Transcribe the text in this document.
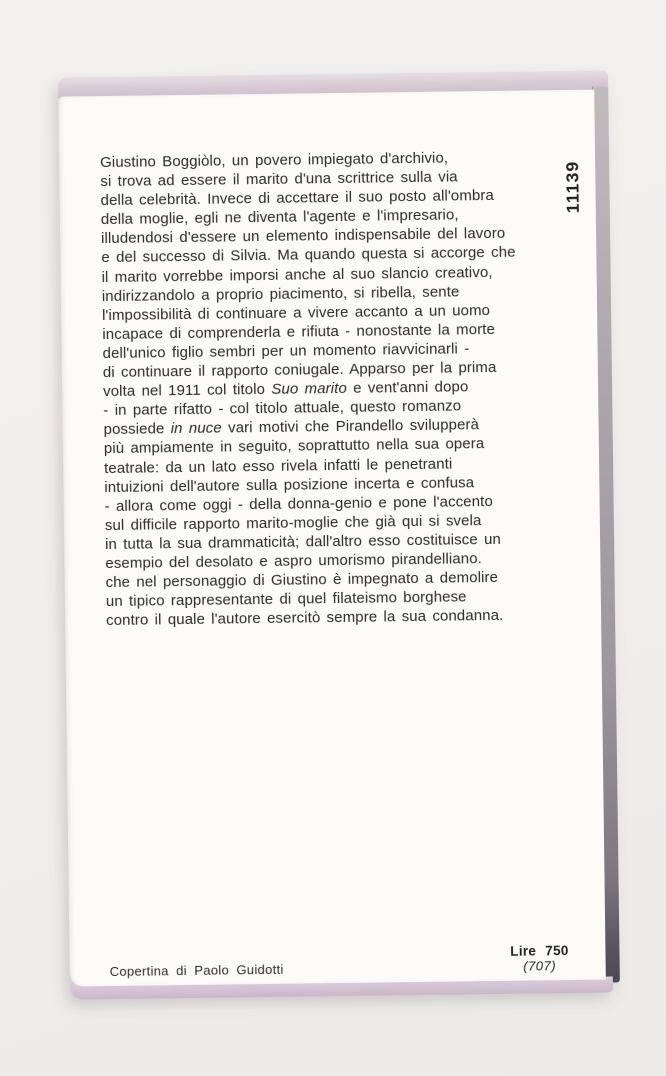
Giustino Boggiòlo, un povero impiegato d'archivio,
si trova ad essere il marito d'una scrittrice sulla via
della celebrità. Invece di accettare il suo posto all'ombra
della moglie, egli ne diventa l'agente e l'impresario,
illudendosi d'essere un elemento indispensabile del lavoro
e del successo di Silvia. Ma quando questa si accorge che
il marito vorrebbe imporsi anche al suo slancio creativo,
indirizzandolo a proprio piacimento, si ribella, sente
l'impossibilità di continuare a vivere accanto a un uomo
incapace di comprenderla e rifiuta - nonostante la morte
dell'unico figlio sembri per un momento riavvicinarli -
di continuare il rapporto coniugale. Apparso per la prima
volta nel 1911 col titolo Suo marito e vent'anni dopo
- in parte rifatto - col titolo attuale, questo romanzo
possiede in nuce vari motivi che Pirandello svilupperà
più ampiamente in seguito, soprattutto nella sua opera
teatrale: da un lato esso rivela infatti le penetranti
intuizioni dell'autore sulla posizione incerta e confusa
- allora come oggi - della donna-genio e pone l'accento
sul difficile rapporto marito-moglie che già qui si svela
in tutta la sua drammaticità; dall'altro esso costituisce un
esempio del desolato e aspro umorismo pirandelliano.
che nel personaggio di Giustino è impegnato a demolire
un tipico rappresentante di quel filateismo borghese
contro il quale l'autore esercitò sempre la sua condanna.
Copertina di Paolo Guidotti
Lire 750
(707)
11139
